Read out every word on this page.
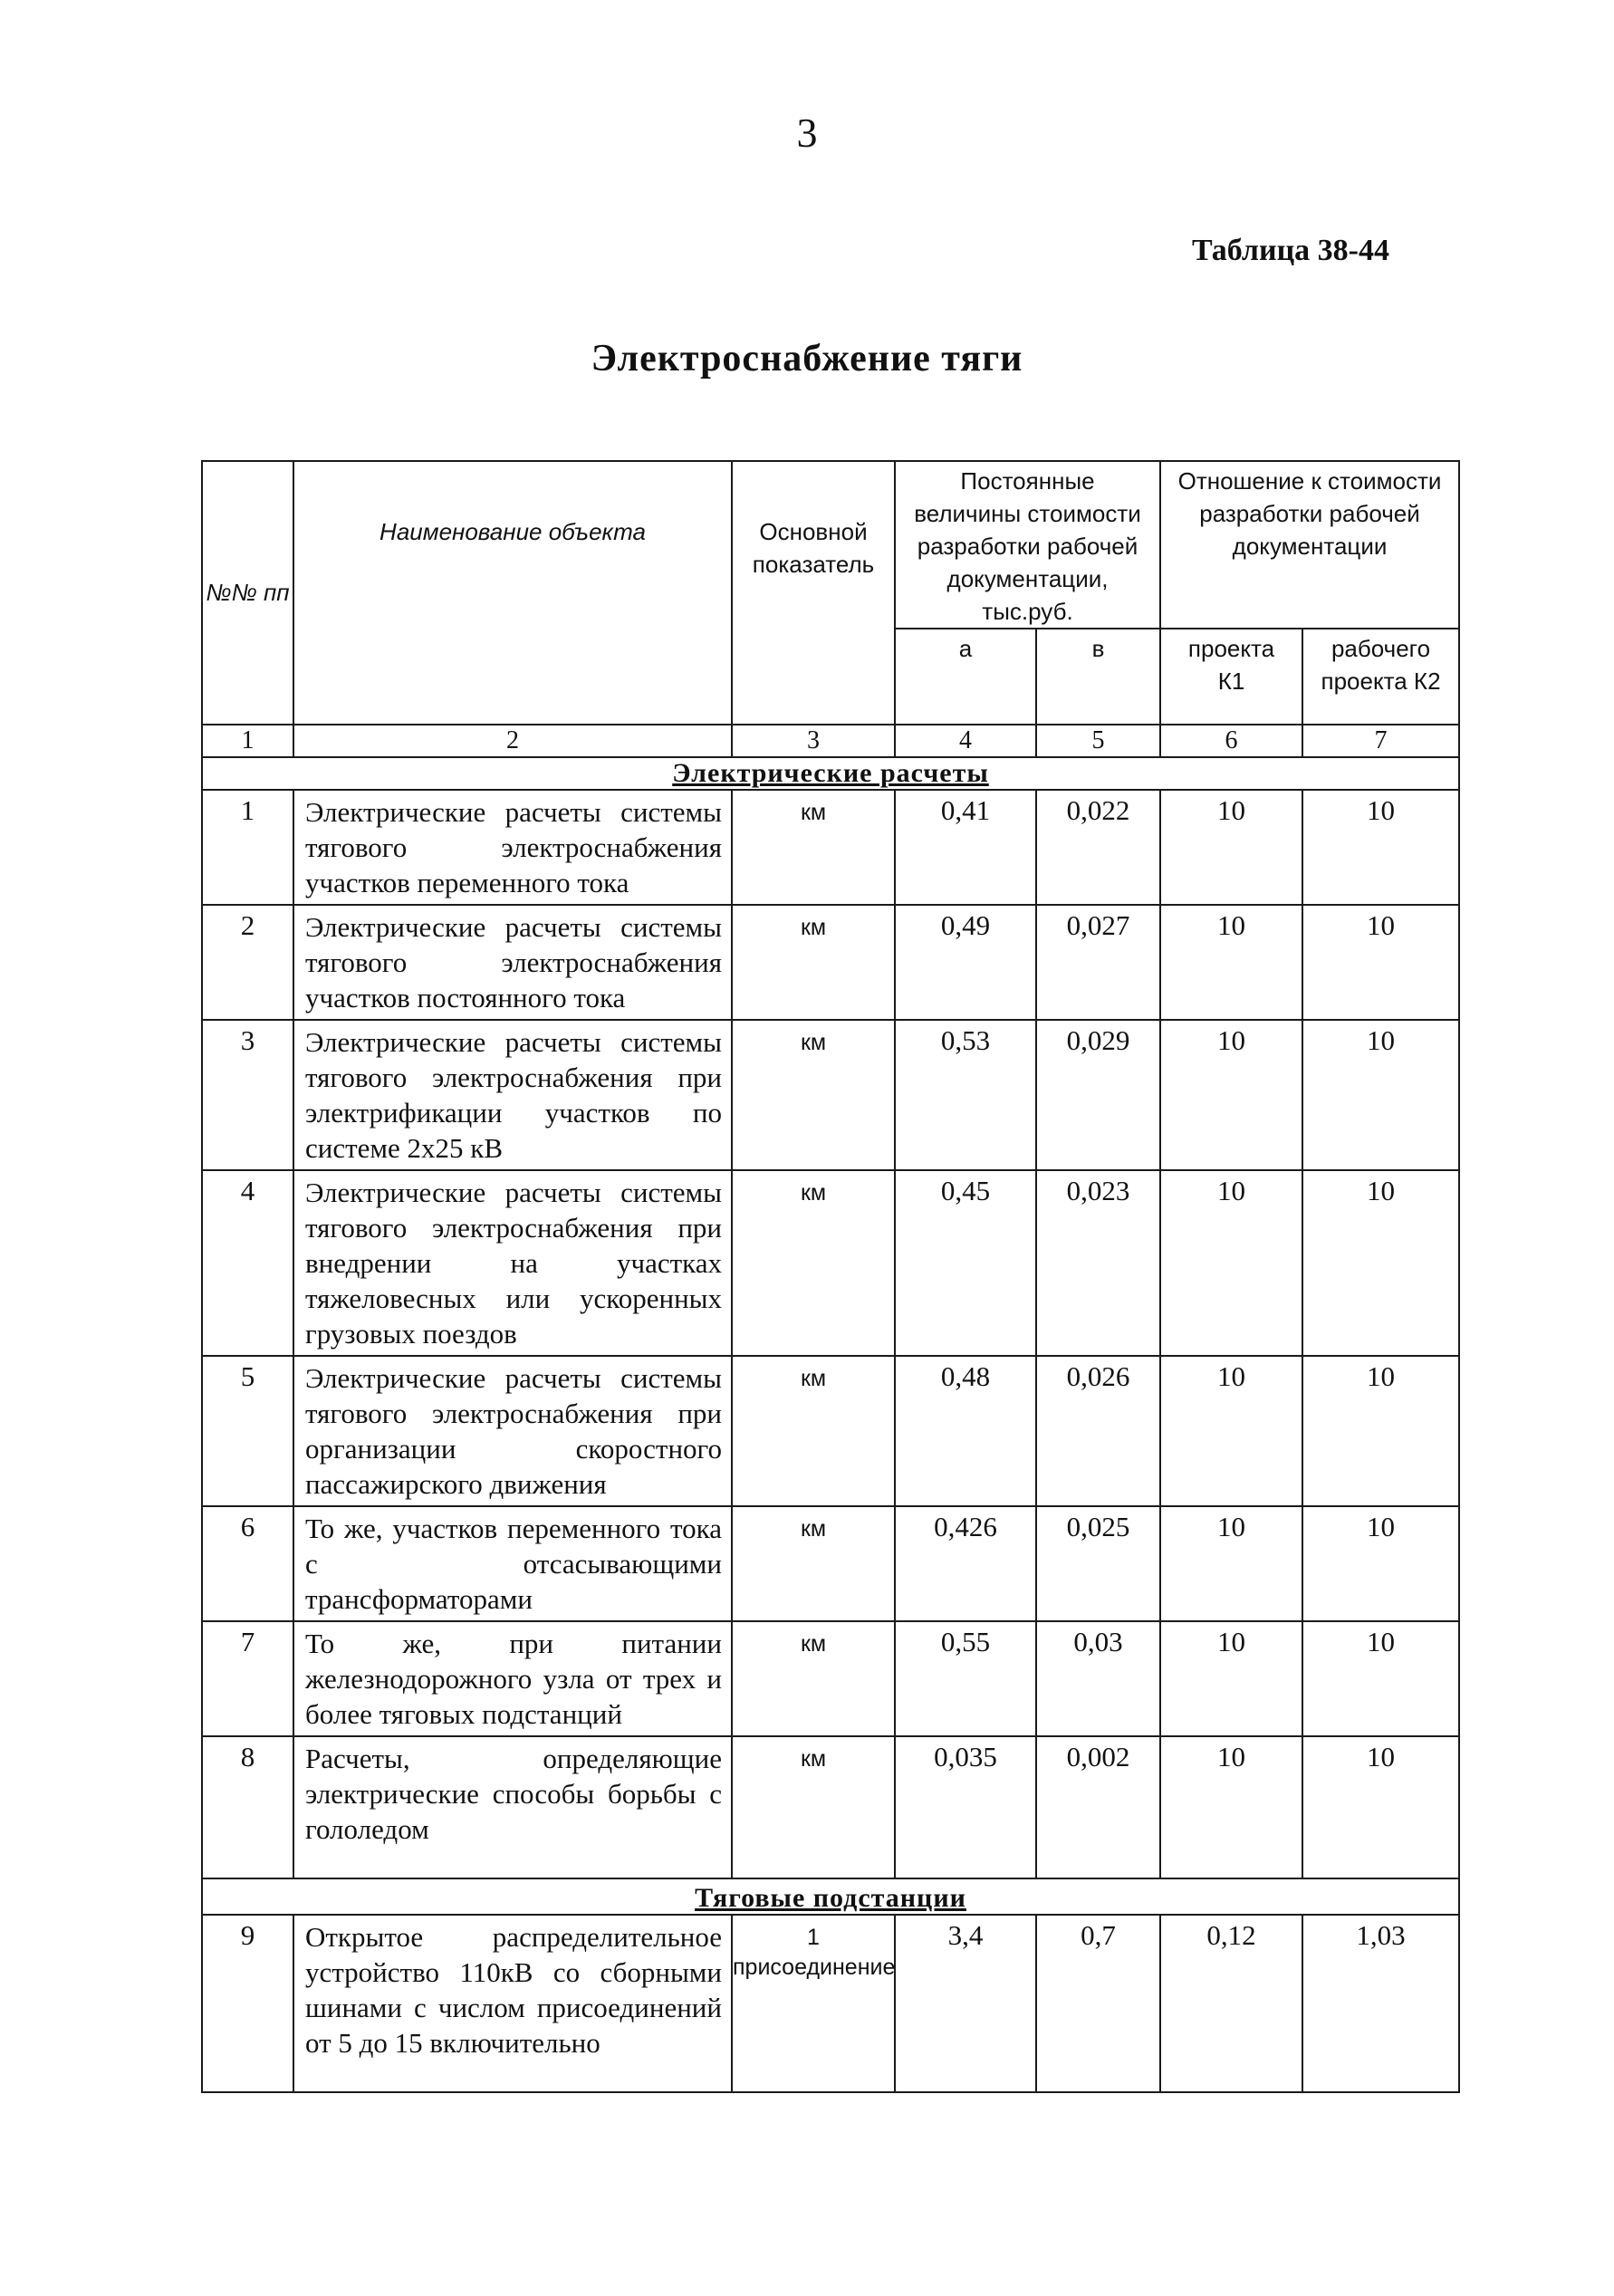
3
Таблица 38-44
Электроснабжение тяги
№№ пп	Наименование объекта	Основной показатель	Постоянные величины стоимости разработки рабочей документации, тыс.руб.		Отношение к стоимости разработки рабочей документации	
			а	в	проекта К1	рабочего проекта К2
1	2	3	4	5	6	7
Электрические расчеты						
1	Электрические расчеты системы тягового электроснабжения участков переменного тока	км	0,41	0,022	10	10
2	Электрические расчеты системы тягового электроснабжения участков постоянного тока	км	0,49	0,027	10	10
3	Электрические расчеты системы тягового электроснабжения при электрификации участков по системе 2х25 кВ	км	0,53	0,029	10	10
4	Электрические расчеты системы тягового электроснабжения при внедрении на участках тяжеловесных или ускоренных грузовых поездов	км	0,45	0,023	10	10
5	Электрические расчеты системы тягового электроснабжения при организации скоростного пассажирского движения	км	0,48	0,026	10	10
6	То же, участков переменного тока с отсасывающими трансформаторами	км	0,426	0,025	10	10
7	То же, при питании железнодорожного узла от трех и более тяговых подстанций	км	0,55	0,03	10	10
8	Расчеты, определяющие электрические способы борьбы с гололедом	км	0,035	0,002	10	10
Тяговые подстанции						
9	Открытое распределительное устройство 110кВ со сборными шинами с числом присоединений от 5 до 15 включительно	1 присоединение	3,4	0,7	0,12	1,03
